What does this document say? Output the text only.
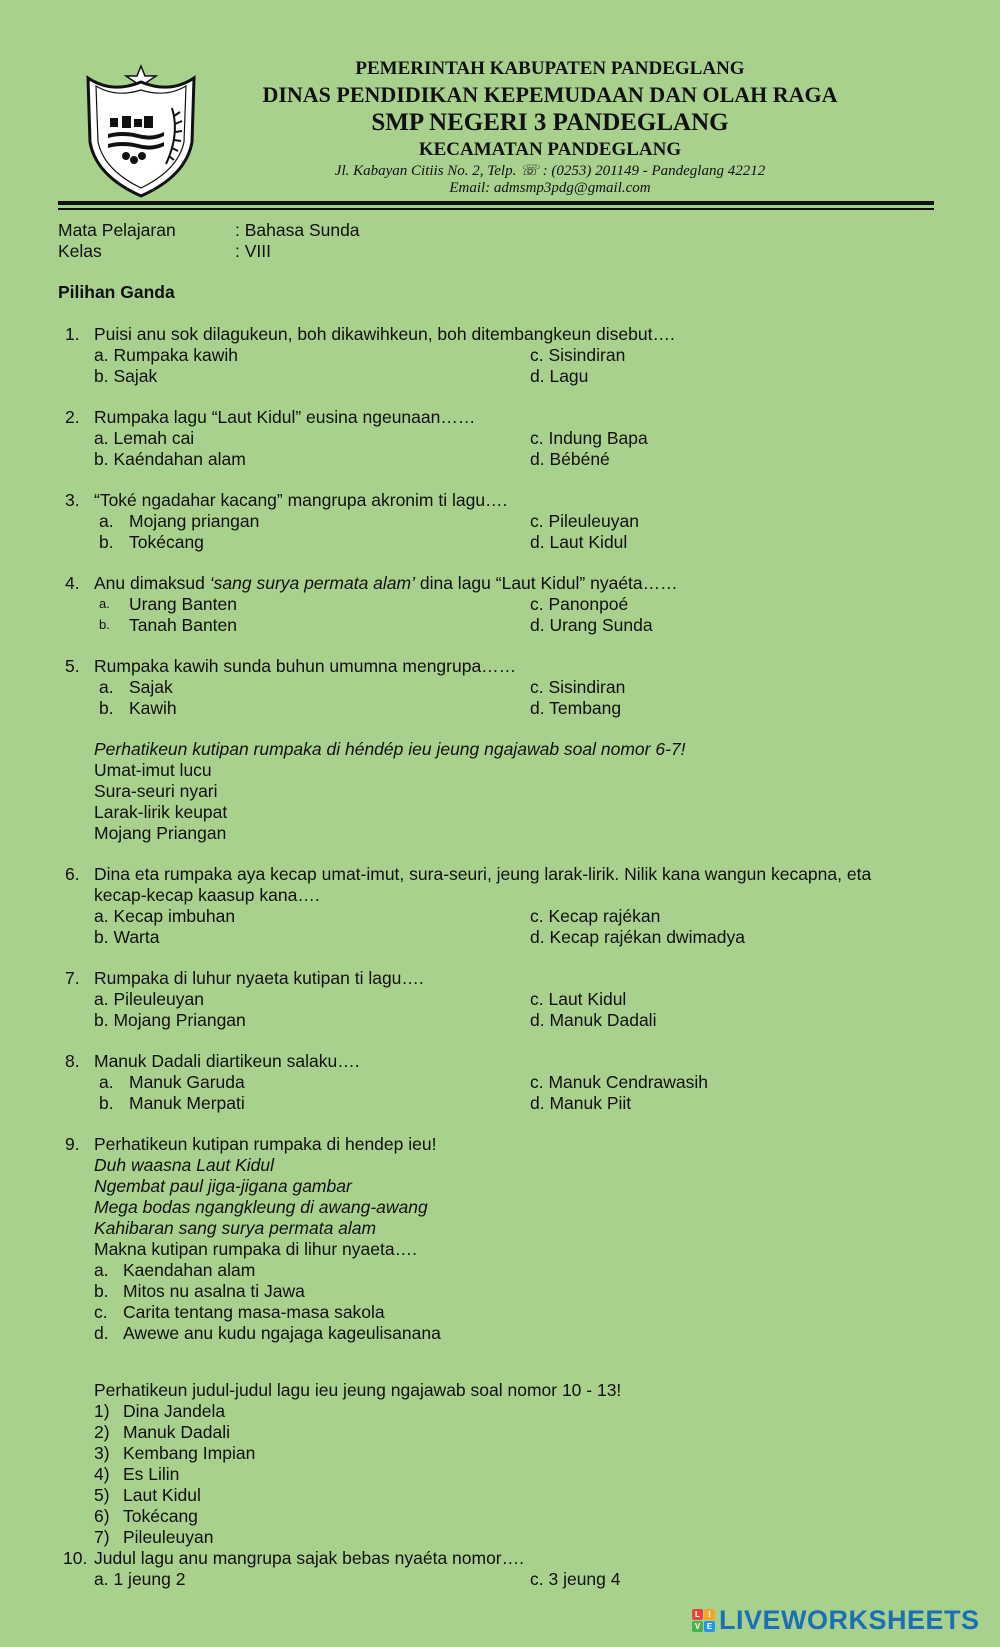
PEMERINTAH KABUPATEN PANDEGLANG
DINAS PENDIDIKAN KEPEMUDAAN DAN OLAH RAGA
SMP NEGERI 3 PANDEGLANG
KECAMATAN PANDEGLANG
Jl. Kabayan Citiis No. 2, Telp. ☏ : (0253) 201149 - Pandeglang 42212
Email: admsmp3pdg@gmail.com
Mata Pelajaran	: Bahasa Sunda
Kelas	: VIII
Pilihan Ganda
1. Puisi anu sok dilagukeun, boh dikawihkeun, boh ditembangkeun disebut….
a. Rumpaka kawih
b. Sajak
c. Sisindiran
d. Lagu
2. Rumpaka lagu “Laut Kidul” eusina ngeunaan……
a. Lemah cai
b. Kaéndahan alam
c. Indung Bapa
d. Bébéné
3. “Toké ngadahar kacang” mangrupa akronim ti lagu….
a. Mojang priangan
b. Tokécang
c. Pileuleuyan
d. Laut Kidul
4. Anu dimaksud ‘sang surya permata alam’ dina lagu “Laut Kidul” nyaéta……
a. Urang Banten
b. Tanah Banten
c. Panonpoé
d. Urang Sunda
5. Rumpaka kawih sunda buhun umumna mengrupa……
a. Sajak
b. Kawih
c. Sisindiran
d. Tembang
Perhatikeun kutipan rumpaka di héndép ieu jeung ngajawab soal nomor 6-7!
Umat-imut lucu
Sura-seuri nyari
Larak-lirik keupat
Mojang Priangan
6. Dina eta rumpaka aya kecap umat-imut, sura-seuri, jeung larak-lirik. Nilik kana wangun kecapna, eta
kecap-kecap kaasup kana….
a. Kecap imbuhan
b. Warta
c. Kecap rajékan
d. Kecap rajékan dwimadya
7. Rumpaka di luhur nyaeta kutipan ti lagu….
a. Pileuleuyan
b. Mojang Priangan
c. Laut Kidul
d. Manuk Dadali
8. Manuk Dadali diartikeun salaku….
a. Manuk Garuda
b. Manuk Merpati
c. Manuk Cendrawasih
d. Manuk Piit
9. Perhatikeun kutipan rumpaka di hendep ieu!
Duh waasna Laut Kidul
Ngembat paul jiga-jigana gambar
Mega bodas ngangkleung di awang-awang
Kahibaran sang surya permata alam
Makna kutipan rumpaka di lihur nyaeta….
a. Kaendahan alam
b. Mitos nu asalna ti Jawa
c. Carita tentang masa-masa sakola
d. Awewe anu kudu ngajaga kageulisanana
Perhatikeun judul-judul lagu ieu jeung ngajawab soal nomor 10 - 13!
1) Dina Jandela
2) Manuk Dadali
3) Kembang Impian
4) Es Lilin
5) Laut Kidul
6) Tokécang
7) Pileuleuyan
10. Judul lagu anu mangrupa sajak bebas nyaéta nomor….
a. 1 jeung 2	c. 3 jeung 4
L	I
V E LIVEWORKSHEETS
